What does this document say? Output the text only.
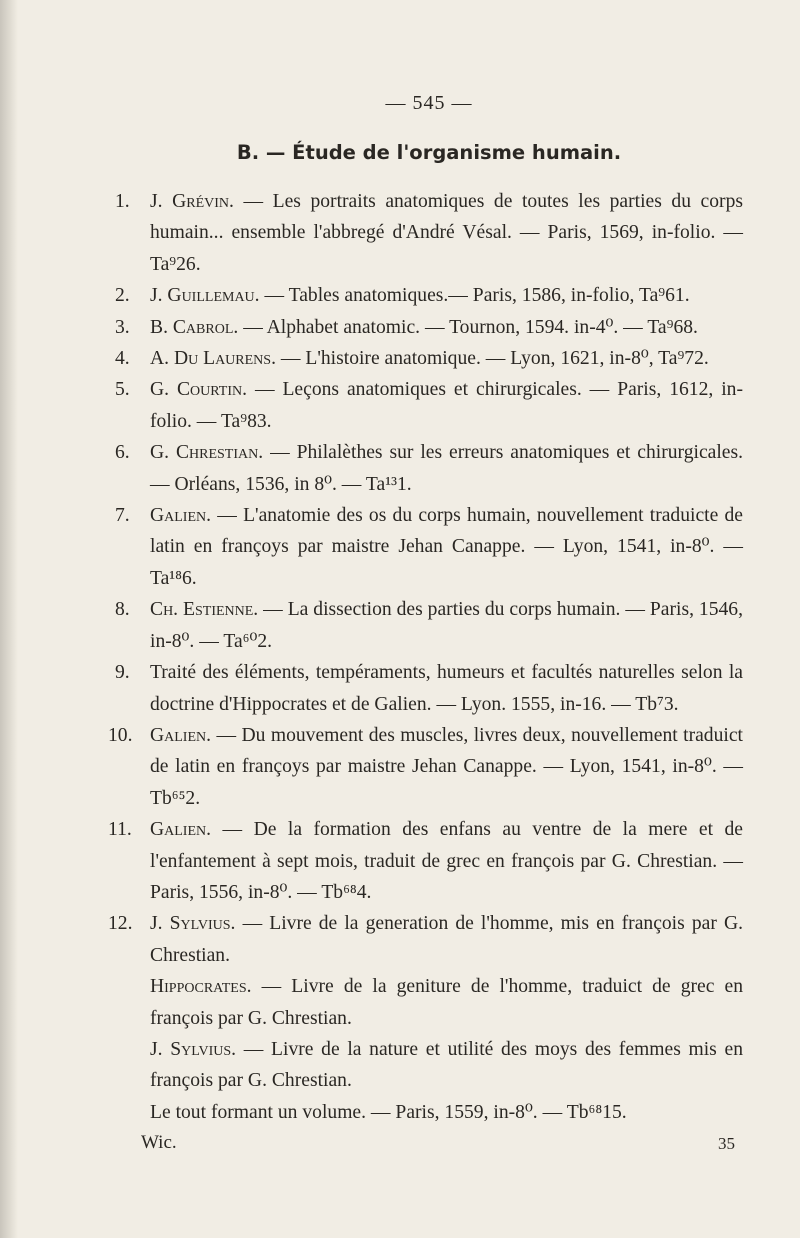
— 545 —
B. — Étude de l'organisme humain.
1.	J. Grévin. — Les portraits anatomiques de toutes les parties du corps humain... ensemble l'abbregé d'André Vésal. — Paris, 1569, in-folio. — Ta⁹26.
2.	J. Guillemau. — Tables anatomiques.— Paris, 1586, in-folio, Ta⁹61.
3.	B. Cabrol. — Alphabet anatomic. — Tournon, 1594. in-4⁰. — Ta⁹68.
4.	A. Du Laurens. — L'histoire anatomique. — Lyon, 1621, in-8⁰, Ta⁹72.
5.	G. Courtin. — Leçons anatomiques et chirurgicales. — Paris, 1612, in-folio. — Ta⁹83.
6.	G. Chrestian. — Philalèthes sur les erreurs anatomiques et chirurgicales. — Orléans, 1536, in 8⁰. — Ta¹³1.
7.	Galien. — L'anatomie des os du corps humain, nouvellement traduicte de latin en françoys par maistre Jehan Canappe. — Lyon, 1541, in-8⁰. — Ta¹⁸6.
8.	Ch. Estienne. — La dissection des parties du corps humain. — Paris, 1546, in-8⁰. — Ta⁶⁰2.
9.	Traité des éléments, tempéraments, humeurs et facultés naturelles selon la doctrine d'Hippocrates et de Galien. — Lyon. 1555, in-16. — Tb⁷3.
10. Galien. — Du mouvement des muscles, livres deux, nouvellement traduict de latin en françoys par maistre Jehan Canappe. — Lyon, 1541, in-8⁰. — Tb⁶⁵2.
11. Galien. — De la formation des enfans au ventre de la mere et de l'enfantement à sept mois, traduit de grec en françois par G. Chrestian. — Paris, 1556, in-8⁰. — Tb⁶⁸4.
12. J. Sylvius. — Livre de la generation de l'homme, mis en françois par G. Chrestian.
Hippocrates. — Livre de la geniture de l'homme, traduict de grec en françois par G. Chrestian.
J. Sylvius. — Livre de la nature et utilité des moys des femmes mis en françois par G. Chrestian.
Le tout formant un volume. — Paris, 1559, in-8⁰. — Tb⁶⁸15.
Wic.	35
